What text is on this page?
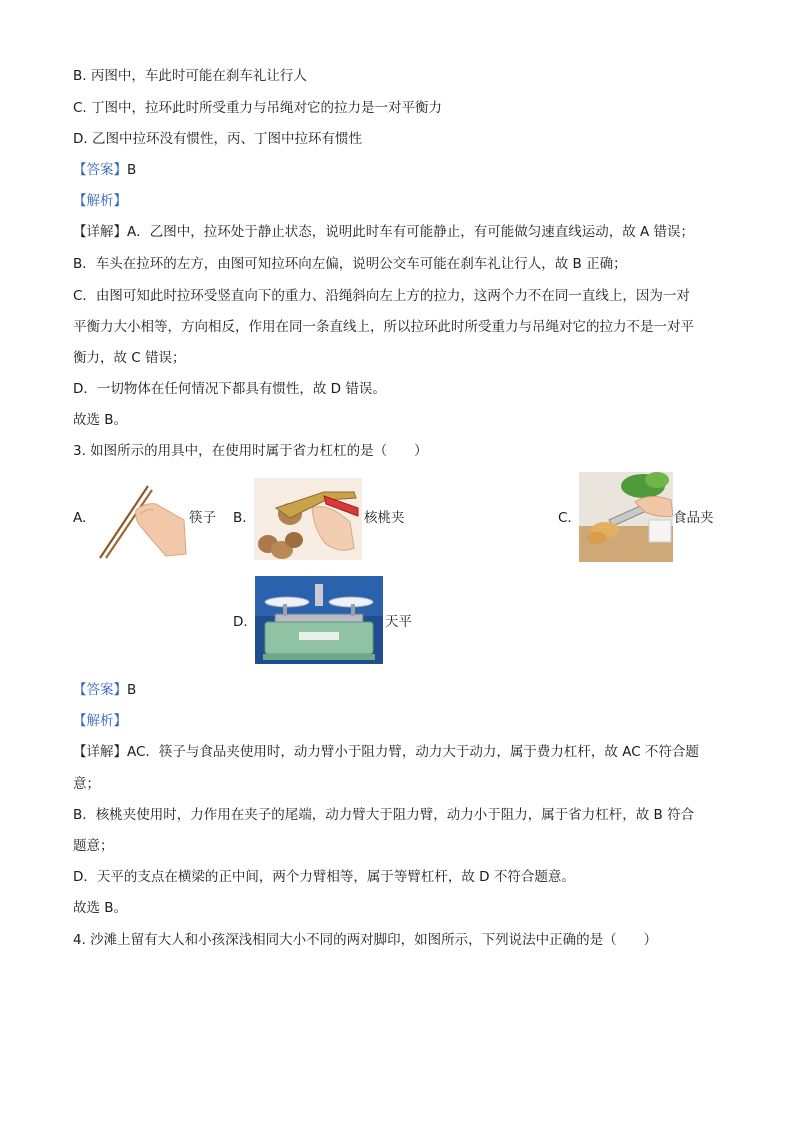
B. 丙图中，车此时可能在刹车礼让行人
C. 丁图中，拉环此时所受重力与吊绳对它的拉力是一对平衡力
D. 乙图中拉环没有惯性，丙、丁图中拉环有惯性
【答案】B
【解析】
【详解】A．乙图中，拉环处于静止状态，说明此时车有可能静止，有可能做匀速直线运动，故 A 错误；
B．车头在拉环的左方，由图可知拉环向左偏，说明公交车可能在刹车礼让行人，故 B 正确；
C．由图可知此时拉环受竖直向下的重力、沿绳斜向左上方的拉力，这两个力不在同一直线上，因为一对
平衡力大小相等，方向相反，作用在同一条直线上，所以拉环此时所受重力与吊绳对它的拉力不是一对平
衡力，故 C 错误；
D．一切物体在任何情况下都具有惯性，故 D 错误。
故选 B。
3. 如图所示的用具中，在使用时属于省力杠杠的是（　　）
A.	筷子 B.	核桃夹	C.	食品夹
D.	天平
【答案】B
【解析】
【详解】AC．筷子与食品夹使用时，动力臂小于阻力臂，动力大于动力，属于费力杠杆，故 AC 不符合题
意；
B．核桃夹使用时，力作用在夹子的尾端，动力臂大于阻力臂，动力小于阻力，属于省力杠杆，故 B 符合
题意；
D．天平的支点在横梁的正中间，两个力臂相等，属于等臂杠杆，故 D 不符合题意。
故选 B。
4. 沙滩上留有大人和小孩深浅相同大小不同的两对脚印，如图所示，下列说法中正确的是（　　）
